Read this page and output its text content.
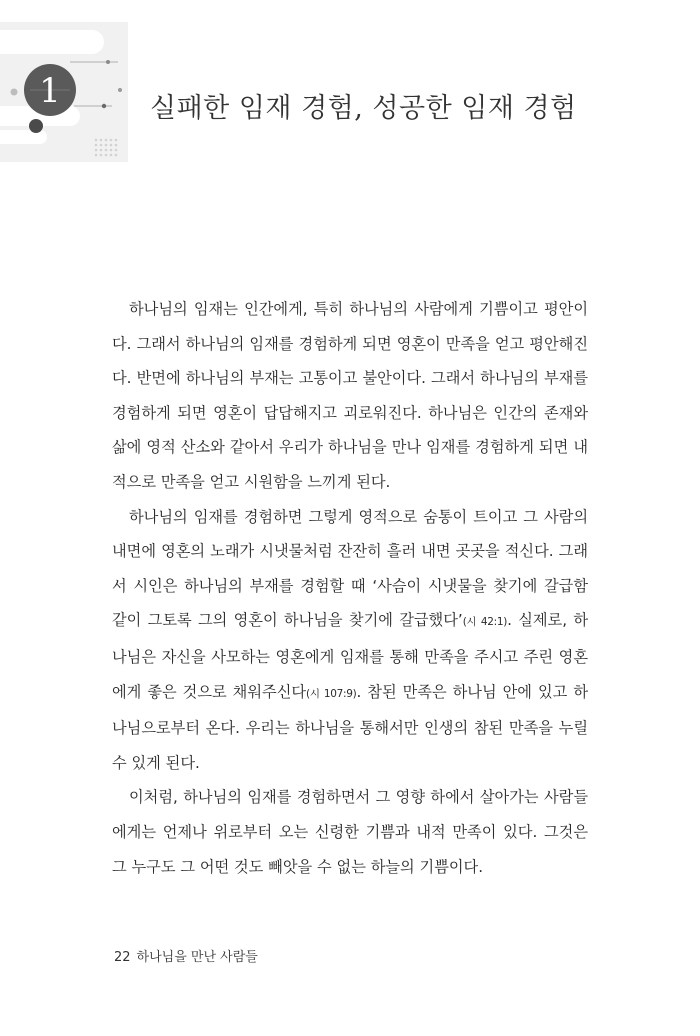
1	실패한 임재 경험, 성공한 임재 경험

하나님의 임재는 인간에게, 특히 하나님의 사람에게 기쁨이고 평안이다. 그래서 하나님의 임재를 경험하게 되면 영혼이 만족을 얻고 평안해진다. 반면에 하나님의 부재는 고통이고 불안이다. 그래서 하나님의 부재를 경험하게 되면 영혼이 답답해지고 괴로워진다. 하나님은 인간의 존재와 삶에 영적 산소와 같아서 우리가 하나님을 만나 임재를 경험하게 되면 내적으로 만족을 얻고 시원함을 느끼게 된다.

하나님의 임재를 경험하면 그렇게 영적으로 숨통이 트이고 그 사람의 내면에 영혼의 노래가 시냇물처럼 잔잔히 흘러 내면 곳곳을 적신다. 그래서 시인은 하나님의 부재를 경험할 때 ‘사슴이 시냇물을 찾기에 갈급함 같이 그토록 그의 영혼이 하나님을 찾기에 갈급했다’(시 42:1). 실제로, 하나님은 자신을 사모하는 영혼에게 임재를 통해 만족을 주시고 주린 영혼에게 좋은 것으로 채워주신다(시 107:9). 참된 만족은 하나님 안에 있고 하나님으로부터 온다. 우리는 하나님을 통해서만 인생의 참된 만족을 누릴 수 있게 된다.

이처럼, 하나님의 임재를 경험하면서 그 영향 하에서 살아가는 사람들에게는 언제나 위로부터 오는 신령한 기쁨과 내적 만족이 있다. 그것은 그 누구도 그 어떤 것도 빼앗을 수 없는 하늘의 기쁨이다.

22 하나님을 만난 사람들
